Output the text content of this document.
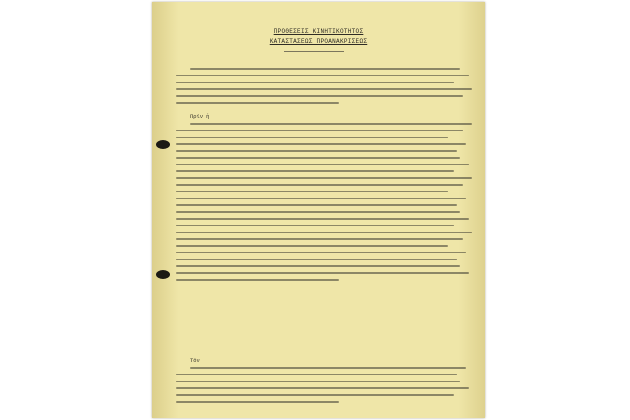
ΠΡΟΘΕΣΕΙΣ ΚΙΝΗΤΙΚΟΤΗΤΟΣ
ΚΑΤΑΣΤΑΣΕΩΣ ΠΡΟΑΝΑΚΡΙΣΕΩΣ
Πρίν ἡ
Τόν
